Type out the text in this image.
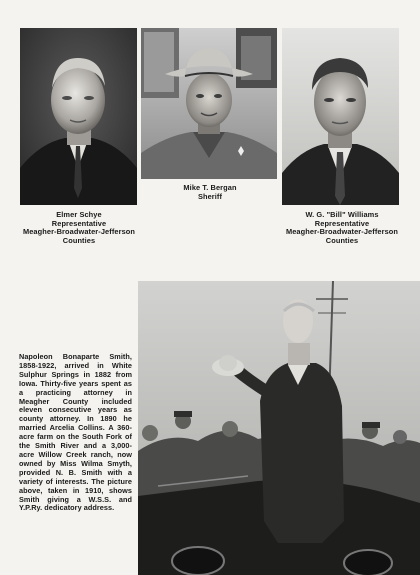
Elmer Schye
Representative
Meagher-Broadwater-Jefferson
Counties
Mike T. Bergan
Sheriff
W. G. "Bill" Williams
Representative
Meagher-Broadwater-Jefferson
Counties
Napoleon Bonaparte Smith, 1858-1922, arrived in White Sulphur Springs in 1882 from Iowa. Thirty-five years spent as a practicing attorney in Meagher County included eleven consecutive years as county attorney. In 1890 he married Arcelia Collins. A 360-acre farm on the South Fork of the Smith River and a 3,000-acre Willow Creek ranch, now owned by Miss Wilma Smyth, provided N. B. Smith with a variety of interests. The picture above, taken in 1910, shows Smith giving a W.S.S. and Y.P.Ry. dedicatory address.
